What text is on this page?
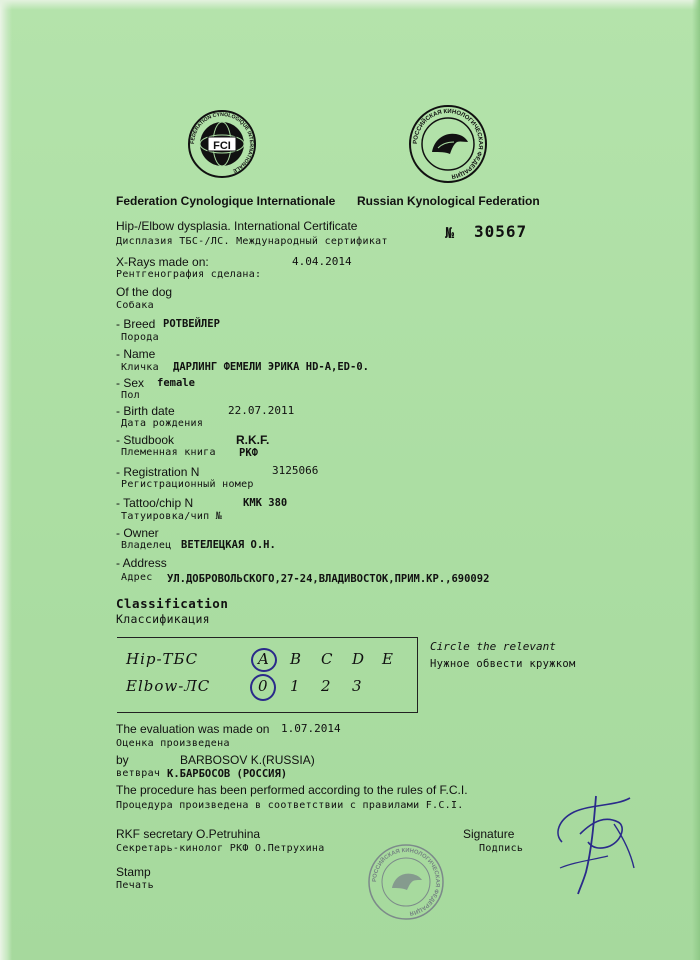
FCI
FÉDÉRATION CYNOLOGIQUE INTERNATIONALE
РОССИЙСКАЯ КИНОЛОГИЧЕСКАЯ ФЕДЕРАЦИЯ
Federation Cynologique Internationale Russian Kynological Federation
Hip-/Elbow dysplasia. International Certificate
Дисплазия ТБС-/ЛС. Международный сертификат	№ 30567
X-Rays made on:	4.04.2014
Рентгенография сделана:
Of the dog
Собака
- Breed РОТВЕЙЛЕР
Порода
- Name
Кличка ДАРЛИНГ ФЕМЕЛИ ЭРИКА HD-A,ED-0.
- Sex female
Пол
- Birth date	22.07.2011
Дата рождения
- Studbook	R.K.F.
Племенная книга РКФ
- Registration N	3125066
Регистрационный номер
- Tattoo/chip N	КМК 380
Татуировка/чип №
- Owner
Владелец ВЕТЕЛЕЦКАЯ О.Н.
- Address
Адрес УЛ.ДОБРОВОЛЬСКОГО,27-24,ВЛАДИВОСТОК,ПРИМ.КР.,690092
Classification
Классификация
Hip-ТБС	A B C D E
Elbow-ЛС	0 1 2 3
Circle the relevant
Нужное обвести кружком
The evaluation was made on 1.07.2014
Оценка произведена
by	BARBOSOV K.(RUSSIA)
ветврач К.БАРБОСОВ (РОССИЯ)
The procedure has been performed according to the rules of F.C.I.
Процедура произведена в соответствии с правилами F.C.I.
RKF secretary O.Petruhina
Секретарь-кинолог РКФ О.Петрухина
Signature
Подпись
Stamp
Печать	РОССИЙСКАЯ КИНОЛОГИЧЕСКАЯ ФЕДЕРАЦИЯ
